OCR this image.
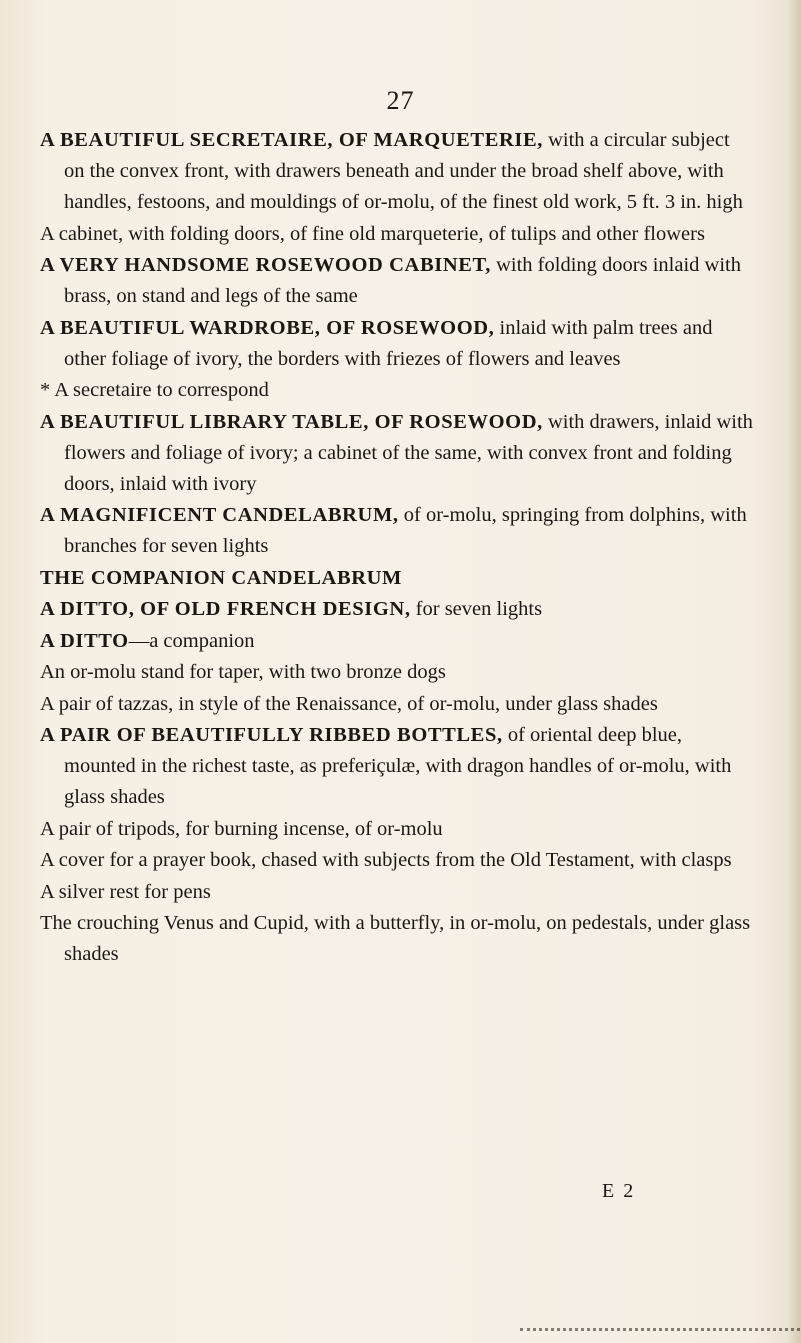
27

A BEAUTIFUL SECRETAIRE, OF MARQUETERIE, with a circular subject on the convex front, with drawers beneath and under the broad shelf above, with handles, festoons, and mouldings of or-molu, of the finest old work, 5 ft. 3 in. high

A cabinet, with folding doors, of fine old marqueterie, of tulips and other flowers

A VERY HANDSOME ROSEWOOD CABINET, with folding doors inlaid with brass, on stand and legs of the same

A BEAUTIFUL WARDROBE, OF ROSEWOOD, inlaid with palm trees and other foliage of ivory, the borders with friezes of flowers and leaves

* A secretaire to correspond

A BEAUTIFUL LIBRARY TABLE, OF ROSEWOOD, with drawers, inlaid with flowers and foliage of ivory; a cabinet of the same, with convex front and folding doors, inlaid with ivory

A MAGNIFICENT CANDELABRUM, of or-molu, springing from dolphins, with branches for seven lights

THE COMPANION CANDELABRUM

A DITTO, OF OLD FRENCH DESIGN, for seven lights

A DITTO—a companion

An or-molu stand for taper, with two bronze dogs

A pair of tazzas, in style of the Renaissance, of or-molu, under glass shades

A PAIR OF BEAUTIFULLY RIBBED BOTTLES, of oriental deep blue, mounted in the richest taste, as preferiçulæ, with dragon handles of or-molu, with glass shades

A pair of tripods, for burning incense, of or-molu

A cover for a prayer book, chased with subjects from the Old Testament, with clasps

A silver rest for pens

The crouching Venus and Cupid, with a butterfly, in or-molu, on pedestals, under glass shades

E 2
